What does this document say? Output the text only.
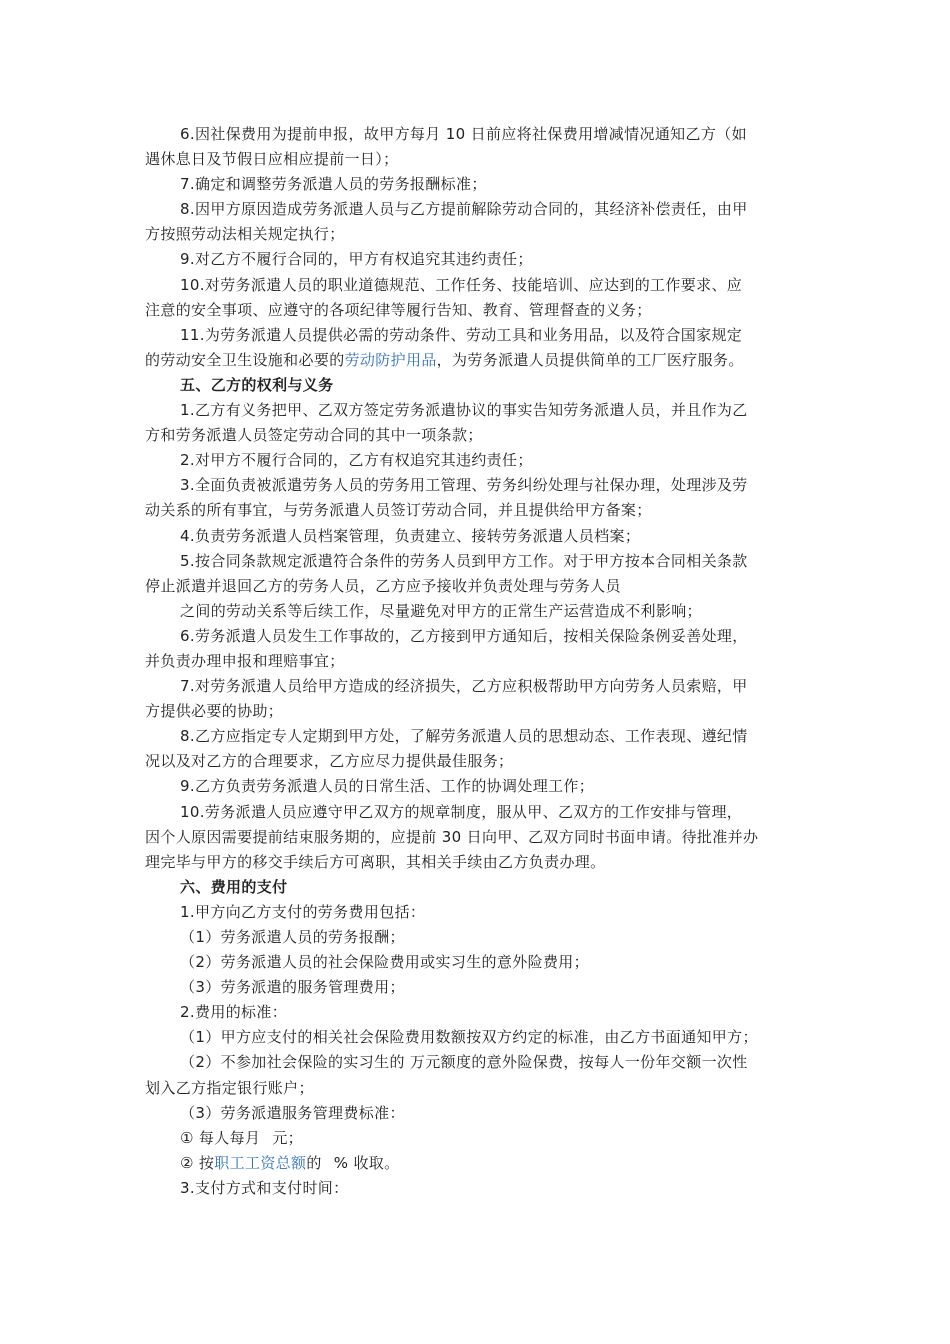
6.因社保费用为提前申报，故甲方每月 10 日前应将社保费用增减情况通知乙方（如
遇休息日及节假日应相应提前一日）；
7.确定和调整劳务派遣人员的劳务报酬标准；
8.因甲方原因造成劳务派遣人员与乙方提前解除劳动合同的，其经济补偿责任，由甲
方按照劳动法相关规定执行；
9.对乙方不履行合同的，甲方有权追究其违约责任；
10.对劳务派遣人员的职业道德规范、工作任务、技能培训、应达到的工作要求、应
注意的安全事项、应遵守的各项纪律等履行告知、教育、管理督查的义务；
11.为劳务派遣人员提供必需的劳动条件、劳动工具和业务用品，以及符合国家规定
的劳动安全卫生设施和必要的劳动防护用品，为劳务派遣人员提供简单的工厂医疗服务。
五、乙方的权利与义务
1.乙方有义务把甲、乙双方签定劳务派遣协议的事实告知劳务派遣人员，并且作为乙
方和劳务派遣人员签定劳动合同的其中一项条款；
2.对甲方不履行合同的，乙方有权追究其违约责任；
3.全面负责被派遣劳务人员的劳务用工管理、劳务纠纷处理与社保办理，处理涉及劳
动关系的所有事宜，与劳务派遣人员签订劳动合同，并且提供给甲方备案；
4.负责劳务派遣人员档案管理，负责建立、接转劳务派遣人员档案；
5.按合同条款规定派遣符合条件的劳务人员到甲方工作。对于甲方按本合同相关条款
停止派遣并退回乙方的劳务人员，乙方应予接收并负责处理与劳务人员
之间的劳动关系等后续工作，尽量避免对甲方的正常生产运营造成不利影响；
6.劳务派遣人员发生工作事故的，乙方接到甲方通知后，按相关保险条例妥善处理，
并负责办理申报和理赔事宜；
7.对劳务派遣人员给甲方造成的经济损失，乙方应积极帮助甲方向劳务人员索赔，甲
方提供必要的协助；
8.乙方应指定专人定期到甲方处，了解劳务派遣人员的思想动态、工作表现、遵纪情
况以及对乙方的合理要求，乙方应尽力提供最佳服务；
9.乙方负责劳务派遣人员的日常生活、工作的协调处理工作；
10.劳务派遣人员应遵守甲乙双方的规章制度，服从甲、乙双方的工作安排与管理，
因个人原因需要提前结束服务期的，应提前 30 日向甲、乙双方同时书面申请。待批准并办
理完毕与甲方的移交手续后方可离职，其相关手续由乙方负责办理。
六、费用的支付
1.甲方向乙方支付的劳务费用包括：
（1）劳务派遣人员的劳务报酬；
（2）劳务派遣人员的社会保险费用或实习生的意外险费用；
（3）劳务派遣的服务管理费用；
2.费用的标准：
（1）甲方应支付的相关社会保险费用数额按双方约定的标准，由乙方书面通知甲方；
（2）不参加社会保险的实习生的 万元额度的意外险保费，按每人一份年交额一次性
划入乙方指定银行账户；
（3）劳务派遣服务管理费标准：
① 每人每月 元；
② 按职工工资总额的 % 收取。
3.支付方式和支付时间：
